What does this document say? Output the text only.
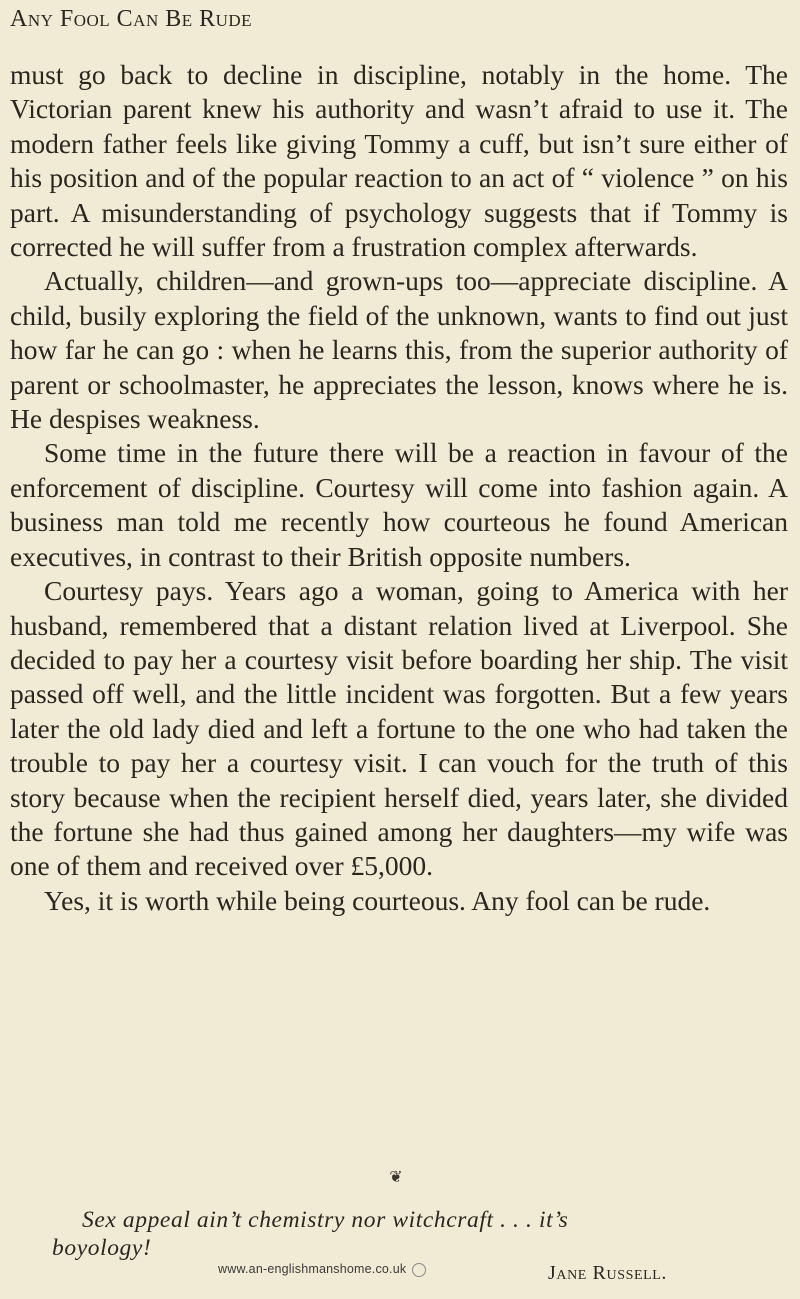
Any Fool Can Be Rude

must go back to decline in discipline, notably in the home. The Victorian parent knew his authority and wasn’t afraid to use it. The modern father feels like giving Tommy a cuff, but isn’t sure either of his position and of the popular reaction to an act of “ violence ” on his part. A misunderstanding of psychology suggests that if Tommy is corrected he will suffer from a frustration complex afterwards.

Actually, children—and grown-ups too—appreciate discipline. A child, busily exploring the field of the unknown, wants to find out just how far he can go : when he learns this, from the superior authority of parent or schoolmaster, he appreciates the lesson, knows where he is. He despises weakness.

Some time in the future there will be a reaction in favour of the enforcement of discipline. Courtesy will come into fashion again. A business man told me recently how courteous he found American executives, in contrast to their British opposite numbers.

Courtesy pays. Years ago a woman, going to America with her husband, remembered that a distant relation lived at Liverpool. She decided to pay her a courtesy visit before boarding her ship. The visit passed off well, and the little incident was forgotten. But a few years later the old lady died and left a fortune to the one who had taken the trouble to pay her a courtesy visit. I can vouch for the truth of this story because when the recipient herself died, years later, she divided the fortune she had thus gained among her daughters—my wife was one of them and received over £5,000.

Yes, it is worth while being courteous. Any fool can be rude.

❦
Sex appeal ain’t chemistry nor witchcraft . . . it’s
boyology!
www.an-englishmanshome.co.uk	Jane Russell.
